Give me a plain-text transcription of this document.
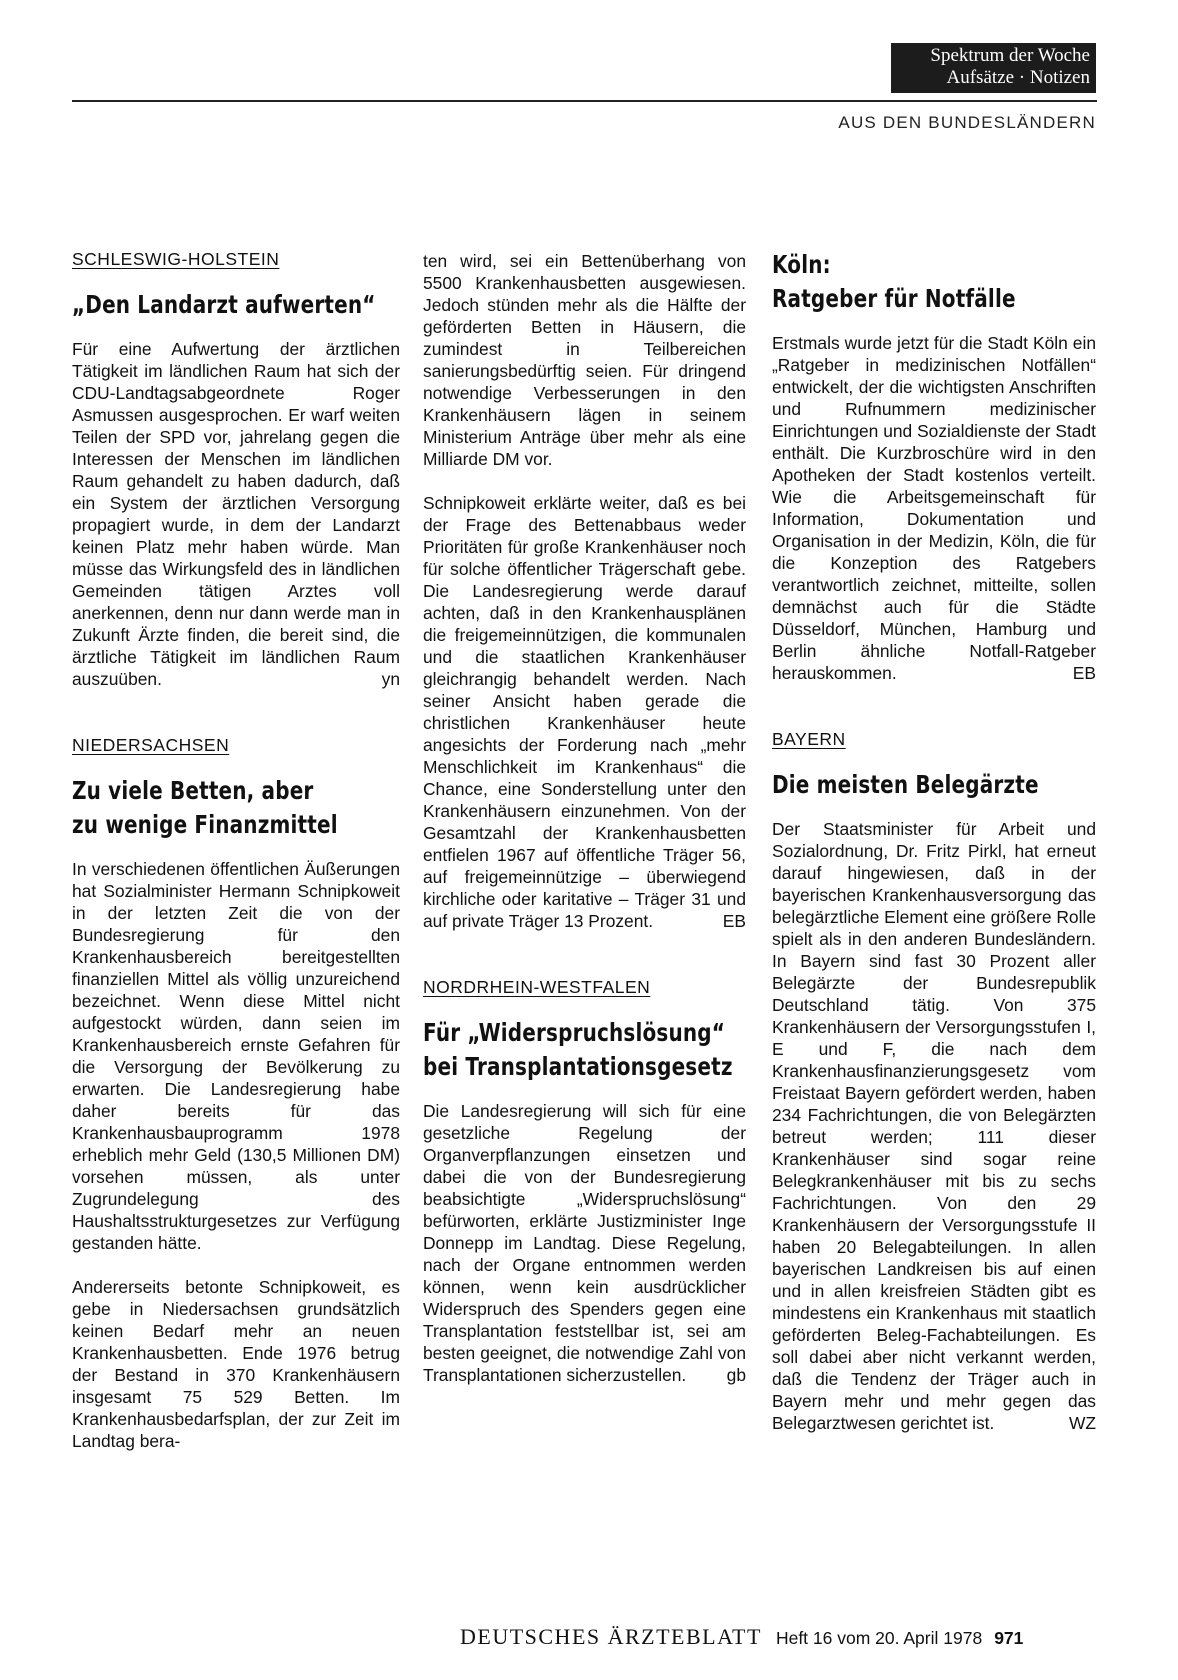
Spektrum der Woche
Aufsätze · Notizen
AUS DEN BUNDESLÄNDERN
SCHLESWIG-HOLSTEIN
„Den Landarzt aufwerten“

Für eine Aufwertung der ärztlichen Tätigkeit im ländlichen Raum hat sich der CDU-Landtagsabgeordnete Roger Asmussen ausgesprochen. Er warf weiten Teilen der SPD vor, jahrelang gegen die Interessen der Menschen im ländlichen Raum gehandelt zu haben dadurch, daß ein System der ärztlichen Versorgung propagiert wurde, in dem der Landarzt keinen Platz mehr haben würde. Man müsse das Wirkungsfeld des in ländlichen Gemeinden tätigen Arztes voll anerkennen, denn nur dann werde man in Zukunft Ärzte finden, die bereit sind, die ärztliche Tätigkeit im ländlichen Raum auszuüben.	yn

NIEDERSACHSEN
Zu viele Betten, aber
zu wenige Finanzmittel

In verschiedenen öffentlichen Äußerungen hat Sozialminister Hermann Schnipkoweit in der letzten Zeit die von der Bundesregierung für den Krankenhausbereich bereitgestellten finanziellen Mittel als völlig unzureichend bezeichnet. Wenn diese Mittel nicht aufgestockt würden, dann seien im Krankenhausbereich ernste Gefahren für die Versorgung der Bevölkerung zu erwarten. Die Landesregierung habe daher bereits für das Krankenhausbauprogramm 1978 erheblich mehr Geld (130,5 Millionen DM) vorsehen müssen, als unter Zugrundelegung des Haushaltsstrukturgesetzes zur Verfügung gestanden hätte.

Andererseits betonte Schnipkoweit, es gebe in Niedersachsen grundsätzlich keinen Bedarf mehr an neuen Krankenhausbetten. Ende 1976 betrug der Bestand in 370 Krankenhäusern insgesamt 75 529 Betten. Im Krankenhausbedarfsplan, der zur Zeit im Landtag bera-

ten wird, sei ein Bettenüberhang von 5500 Krankenhausbetten ausgewiesen. Jedoch stünden mehr als die Hälfte der geförderten Betten in Häusern, die zumindest in Teilbereichen sanierungsbedürftig seien. Für dringend notwendige Verbesserungen in den Krankenhäusern lägen in seinem Ministerium Anträge über mehr als eine Milliarde DM vor.

Schnipkoweit erklärte weiter, daß es bei der Frage des Bettenabbaus weder Prioritäten für große Krankenhäuser noch für solche öffentlicher Trägerschaft gebe. Die Landesregierung werde darauf achten, daß in den Krankenhausplänen die freigemeinnützigen, die kommunalen und die staatlichen Krankenhäuser gleichrangig behandelt werden. Nach seiner Ansicht haben gerade die christlichen Krankenhäuser heute angesichts der Forderung nach „mehr Menschlichkeit im Krankenhaus“ die Chance, eine Sonderstellung unter den Krankenhäusern einzunehmen. Von der Gesamtzahl der Krankenhausbetten entfielen 1967 auf öffentliche Träger 56, auf freigemeinnützige – überwiegend kirchliche oder karitative – Träger 31 und auf private Träger 13 Prozent.	EB

NORDRHEIN-WESTFALEN
Für „Widerspruchslösung“
bei Transplantationsgesetz

Die Landesregierung will sich für eine gesetzliche Regelung der Organverpflanzungen einsetzen und dabei die von der Bundesregierung beabsichtigte „Widerspruchslösung“ befürworten, erklärte Justizminister Inge Donnepp im Landtag. Diese Regelung, nach der Organe entnommen werden können, wenn kein ausdrücklicher Widerspruch des Spenders gegen eine Transplantation feststellbar ist, sei am besten geeignet, die notwendige Zahl von Transplantationen sicherzustellen. gb

Köln:
Ratgeber für Notfälle

Erstmals wurde jetzt für die Stadt Köln ein „Ratgeber in medizinischen Notfällen“ entwickelt, der die wichtigsten Anschriften und Rufnummern medizinischer Einrichtungen und Sozialdienste der Stadt enthält. Die Kurzbroschüre wird in den Apotheken der Stadt kostenlos verteilt. Wie die Arbeitsgemeinschaft für Information, Dokumentation und Organisation in der Medizin, Köln, die für die Konzeption des Ratgebers verantwortlich zeichnet, mitteilte, sollen demnächst auch für die Städte Düsseldorf, München, Hamburg und Berlin ähnliche Notfall-Ratgeber herauskommen.	EB

BAYERN
Die meisten Belegärzte

Der Staatsminister für Arbeit und Sozialordnung, Dr. Fritz Pirkl, hat erneut darauf hingewiesen, daß in der bayerischen Krankenhausversorgung das belegärztliche Element eine größere Rolle spielt als in den anderen Bundesländern. In Bayern sind fast 30 Prozent aller Belegärzte der Bundesrepublik Deutschland tätig. Von 375 Krankenhäusern der Versorgungsstufen I, E und F, die nach dem Krankenhausfinanzierungsgesetz vom Freistaat Bayern gefördert werden, haben 234 Fachrichtungen, die von Belegärzten betreut werden; 111 dieser Krankenhäuser sind sogar reine Belegkrankenhäuser mit bis zu sechs Fachrichtungen. Von den 29 Krankenhäusern der Versorgungsstufe II haben 20 Belegabteilungen. In allen bayerischen Landkreisen bis auf einen und in allen kreisfreien Städten gibt es mindestens ein Krankenhaus mit staatlich geförderten Beleg-Fachabteilungen. Es soll dabei aber nicht verkannt werden, daß die Tendenz der Träger auch in Bayern mehr und mehr gegen das Belegarztwesen gerichtet ist.	WZ

DEUTSCHES ÄRZTEBLATT Heft 16 vom 20. April 1978 971
